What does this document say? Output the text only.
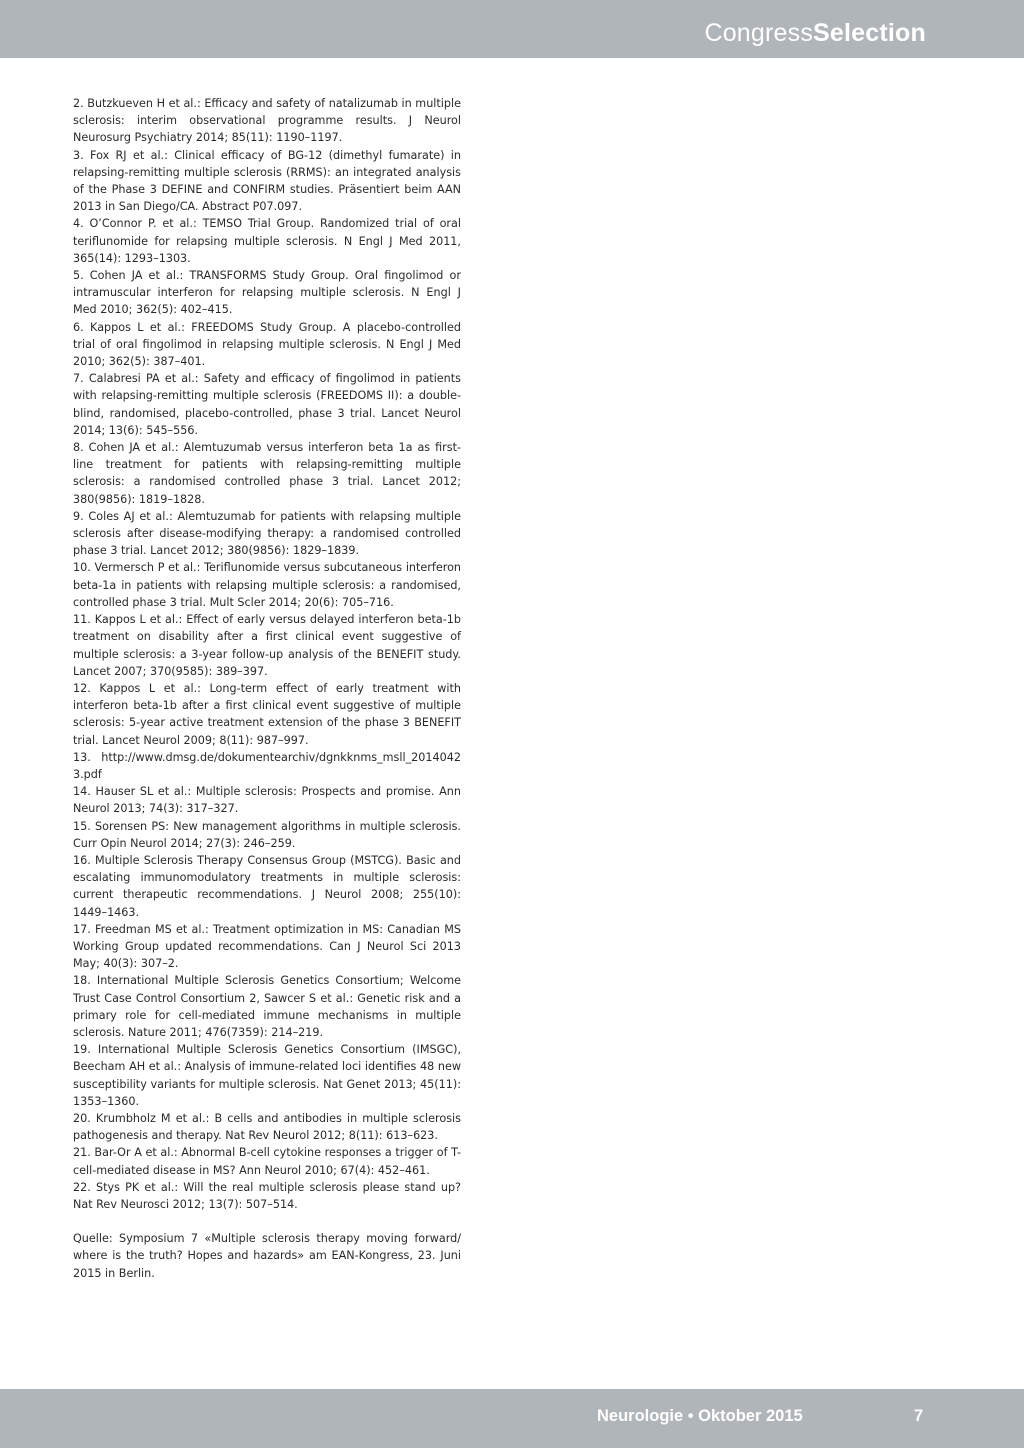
CongressSelection

2. Butzkueven H et al.: Efficacy and safety of natalizumab in multiple sclerosis: interim observational programme results. J Neurol Neurosurg Psychiatry 2014; 85(11): 1190–1197.

3. Fox RJ et al.: Clinical efficacy of BG-12 (dimethyl fumarate) in relapsing-remitting multiple sclerosis (RRMS): an integrated analysis of the Phase 3 DEFINE and CONFIRM studies. Präsentiert beim AAN 2013 in San Diego/CA. Abstract P07.097.

4. O’Connor P. et al.: TEMSO Trial Group. Randomized trial of oral teriflunomide for relapsing multiple sclerosis. N Engl J Med 2011, 365(14): 1293–1303.

5. Cohen JA et al.: TRANSFORMS Study Group. Oral fingolimod or intramuscular interferon for relapsing multiple sclerosis. N Engl J Med 2010; 362(5): 402–415.

6. Kappos L et al.: FREEDOMS Study Group. A placebo-controlled trial of oral fingolimod in relapsing multiple sclerosis. N Engl J Med 2010; 362(5): 387–401.

7. Calabresi PA et al.: Safety and efficacy of fingolimod in patients with relapsing-remitting multiple sclerosis (FREEDOMS II): a double-blind, randomised, placebo-controlled, phase 3 trial. Lancet Neurol 2014; 13(6): 545–556.

8. Cohen JA et al.: Alemtuzumab versus interferon beta 1a as first-line treatment for patients with relapsing-remitting multiple sclerosis: a randomised controlled phase 3 trial. Lancet 2012; 380(9856): 1819–1828.

9. Coles AJ et al.: Alemtuzumab for patients with relapsing multiple sclerosis after disease-modifying therapy: a randomised controlled phase 3 trial. Lancet 2012; 380(9856): 1829–1839.

10. Vermersch P et al.: Teriflunomide versus subcutaneous interferon beta-1a in patients with relapsing multiple sclerosis: a randomised, controlled phase 3 trial. Mult Scler 2014; 20(6): 705–716.

11. Kappos L et al.: Effect of early versus delayed interferon beta-1b treatment on disability after a first clinical event suggestive of multiple sclerosis: a 3-year follow-up analysis of the BENEFIT study. Lancet 2007; 370(9585): 389–397.

12. Kappos L et al.: Long-term effect of early treatment with interferon beta-1b after a first clinical event suggestive of multiple sclerosis: 5-year active treatment extension of the phase 3 BENEFIT trial. Lancet Neurol 2009; 8(11): 987–997.

13. http://www.dmsg.de/dokumentearchiv/dgnkknms_msll_20140423.pdf

14. Hauser SL et al.: Multiple sclerosis: Prospects and promise. Ann Neurol 2013; 74(3): 317–327.

15. Sorensen PS: New management algorithms in multiple sclerosis. Curr Opin Neurol 2014; 27(3): 246–259.

16. Multiple Sclerosis Therapy Consensus Group (MSTCG). Basic and escalating immunomodulatory treatments in multiple sclerosis: current therapeutic recommendations. J Neurol 2008; 255(10): 1449–1463.

17. Freedman MS et al.: Treatment optimization in MS: Canadian MS Working Group updated recommendations. Can J Neurol Sci 2013 May; 40(3): 307–2.

18. International Multiple Sclerosis Genetics Consortium; Welcome Trust Case Control Consortium 2, Sawcer S et al.: Genetic risk and a primary role for cell-mediated immune mechanisms in multiple sclerosis. Nature 2011; 476(7359): 214–219.

19. International Multiple Sclerosis Genetics Consortium (IMSGC), Beecham AH et al.: Analysis of immune-related loci identifies 48 new susceptibility variants for multiple sclerosis. Nat Genet 2013; 45(11): 1353–1360.

20. Krumbholz M et al.: B cells and antibodies in multiple sclerosis pathogenesis and therapy. Nat Rev Neurol 2012; 8(11): 613–623.

21. Bar-Or A et al.: Abnormal B-cell cytokine responses a trigger of T-cell-mediated disease in MS? Ann Neurol 2010; 67(4): 452–461.

22. Stys PK et al.: Will the real multiple sclerosis please stand up? Nat Rev Neurosci 2012; 13(7): 507–514.

Quelle: Symposium 7 «Multiple sclerosis therapy moving forward/ where is the truth? Hopes and hazards» am EAN-Kongress, 23. Juni 2015 in Berlin.

Neurologie • Oktober 2015	7
